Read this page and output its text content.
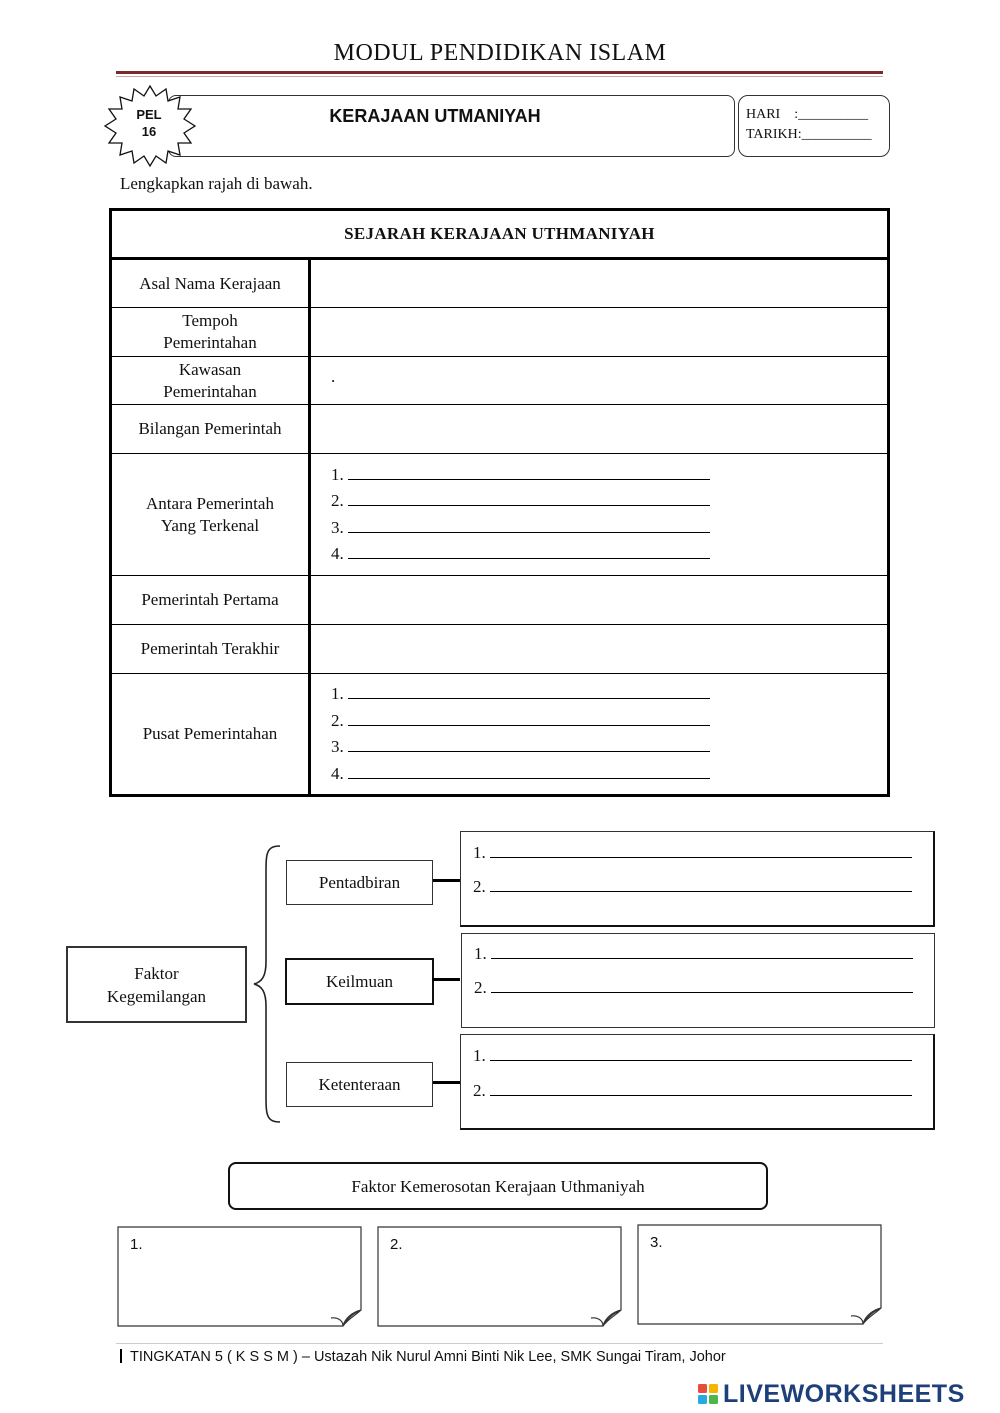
MODUL PENDIDIKAN ISLAM
KERAJAAN UTMANIYAH
PEL
16
HARI    :__________
TARIKH:__________
Lengkapkan rajah di bawah.
SEJARAH KERAJAAN UTHMANIYAH	
Asal Nama Kerajaan	

Tempoh Pemerintahan	

Kawasan Pemerintahan	.
Bilangan Pemerintah	

Antara Pemerintah Yang Terkenal	1.
2.
3.
4.

Pemerintah Pertama	
Pemerintah Terakhir	
Pusat Pemerintahan	1.
2.
3.
4.
Faktor Kegemilangan
Pentadbiran
Keilmuan
Ketenteraan
1.
2.
1.
2.
1.
2.
Faktor Kemerosotan Kerajaan Uthmaniyah
1.	2.	3.
TINGKATAN 5 ( K S S M ) – Ustazah Nik Nurul Amni Binti Nik Lee, SMK Sungai Tiram, Johor
LIVEWORKSHEETS
